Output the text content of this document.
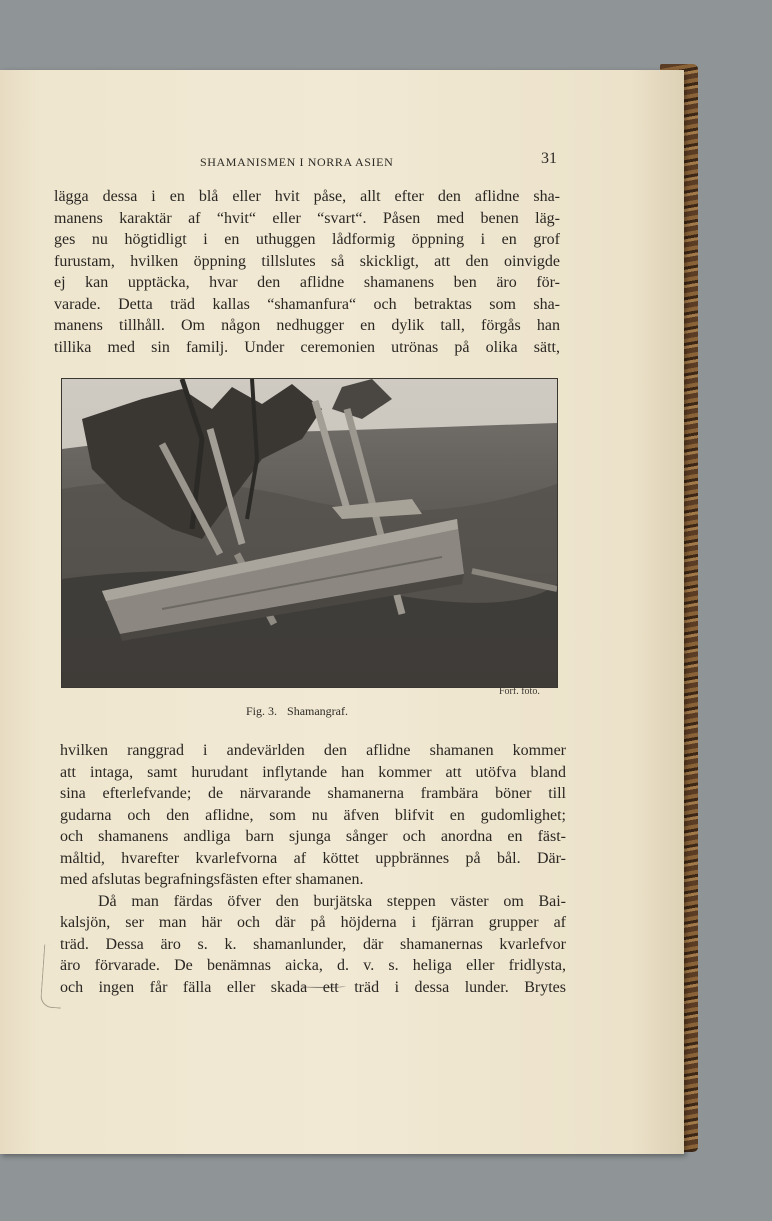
SHAMANISMEN I NORRA ASIEN	31
lägga dessa i en blå eller hvit påse, allt efter den aflidne sha-
manens karaktär af “hvit“ eller “svart“. Påsen med benen läg-
ges nu högtidligt i en uthuggen lådformig öppning i en grof
furustam, hvilken öppning tillslutes så skickligt, att den oinvigde
ej kan upptäcka, hvar den aflidne shamanens ben äro för-
varade. Detta träd kallas “shamanfura“ och betraktas som sha-
manens tillhåll. Om någon nedhugger en dylik tall, förgås han
tillika med sin familj. Under ceremonien utrönas på olika sätt,
Förf. foto.
Fig. 3. Shamangraf.
hvilken ranggrad i andevärlden den aflidne shamanen kommer
att intaga, samt hurudant inflytande han kommer att utöfva bland
sina efterlefvande; de närvarande shamanerna frambära böner till
gudarna och den aflidne, som nu äfven blifvit en gudomlighet;
och shamanens andliga barn sjunga sånger och anordna en fäst-
måltid, hvarefter kvarlefvorna af köttet uppbrännes på bål. Där-
med afslutas begrafningsfästen efter shamanen.
Då man färdas öfver den burjätska steppen väster om Bai-
kalsjön, ser man här och där på höjderna i fjärran grupper af
träd. Dessa äro s. k. shamanlunder, där shamanernas kvarlefvor
äro förvarade. De benämnas aicka, d. v. s. heliga eller fridlysta,
och ingen får fälla eller skada ett träd i dessa lunder. Brytes
